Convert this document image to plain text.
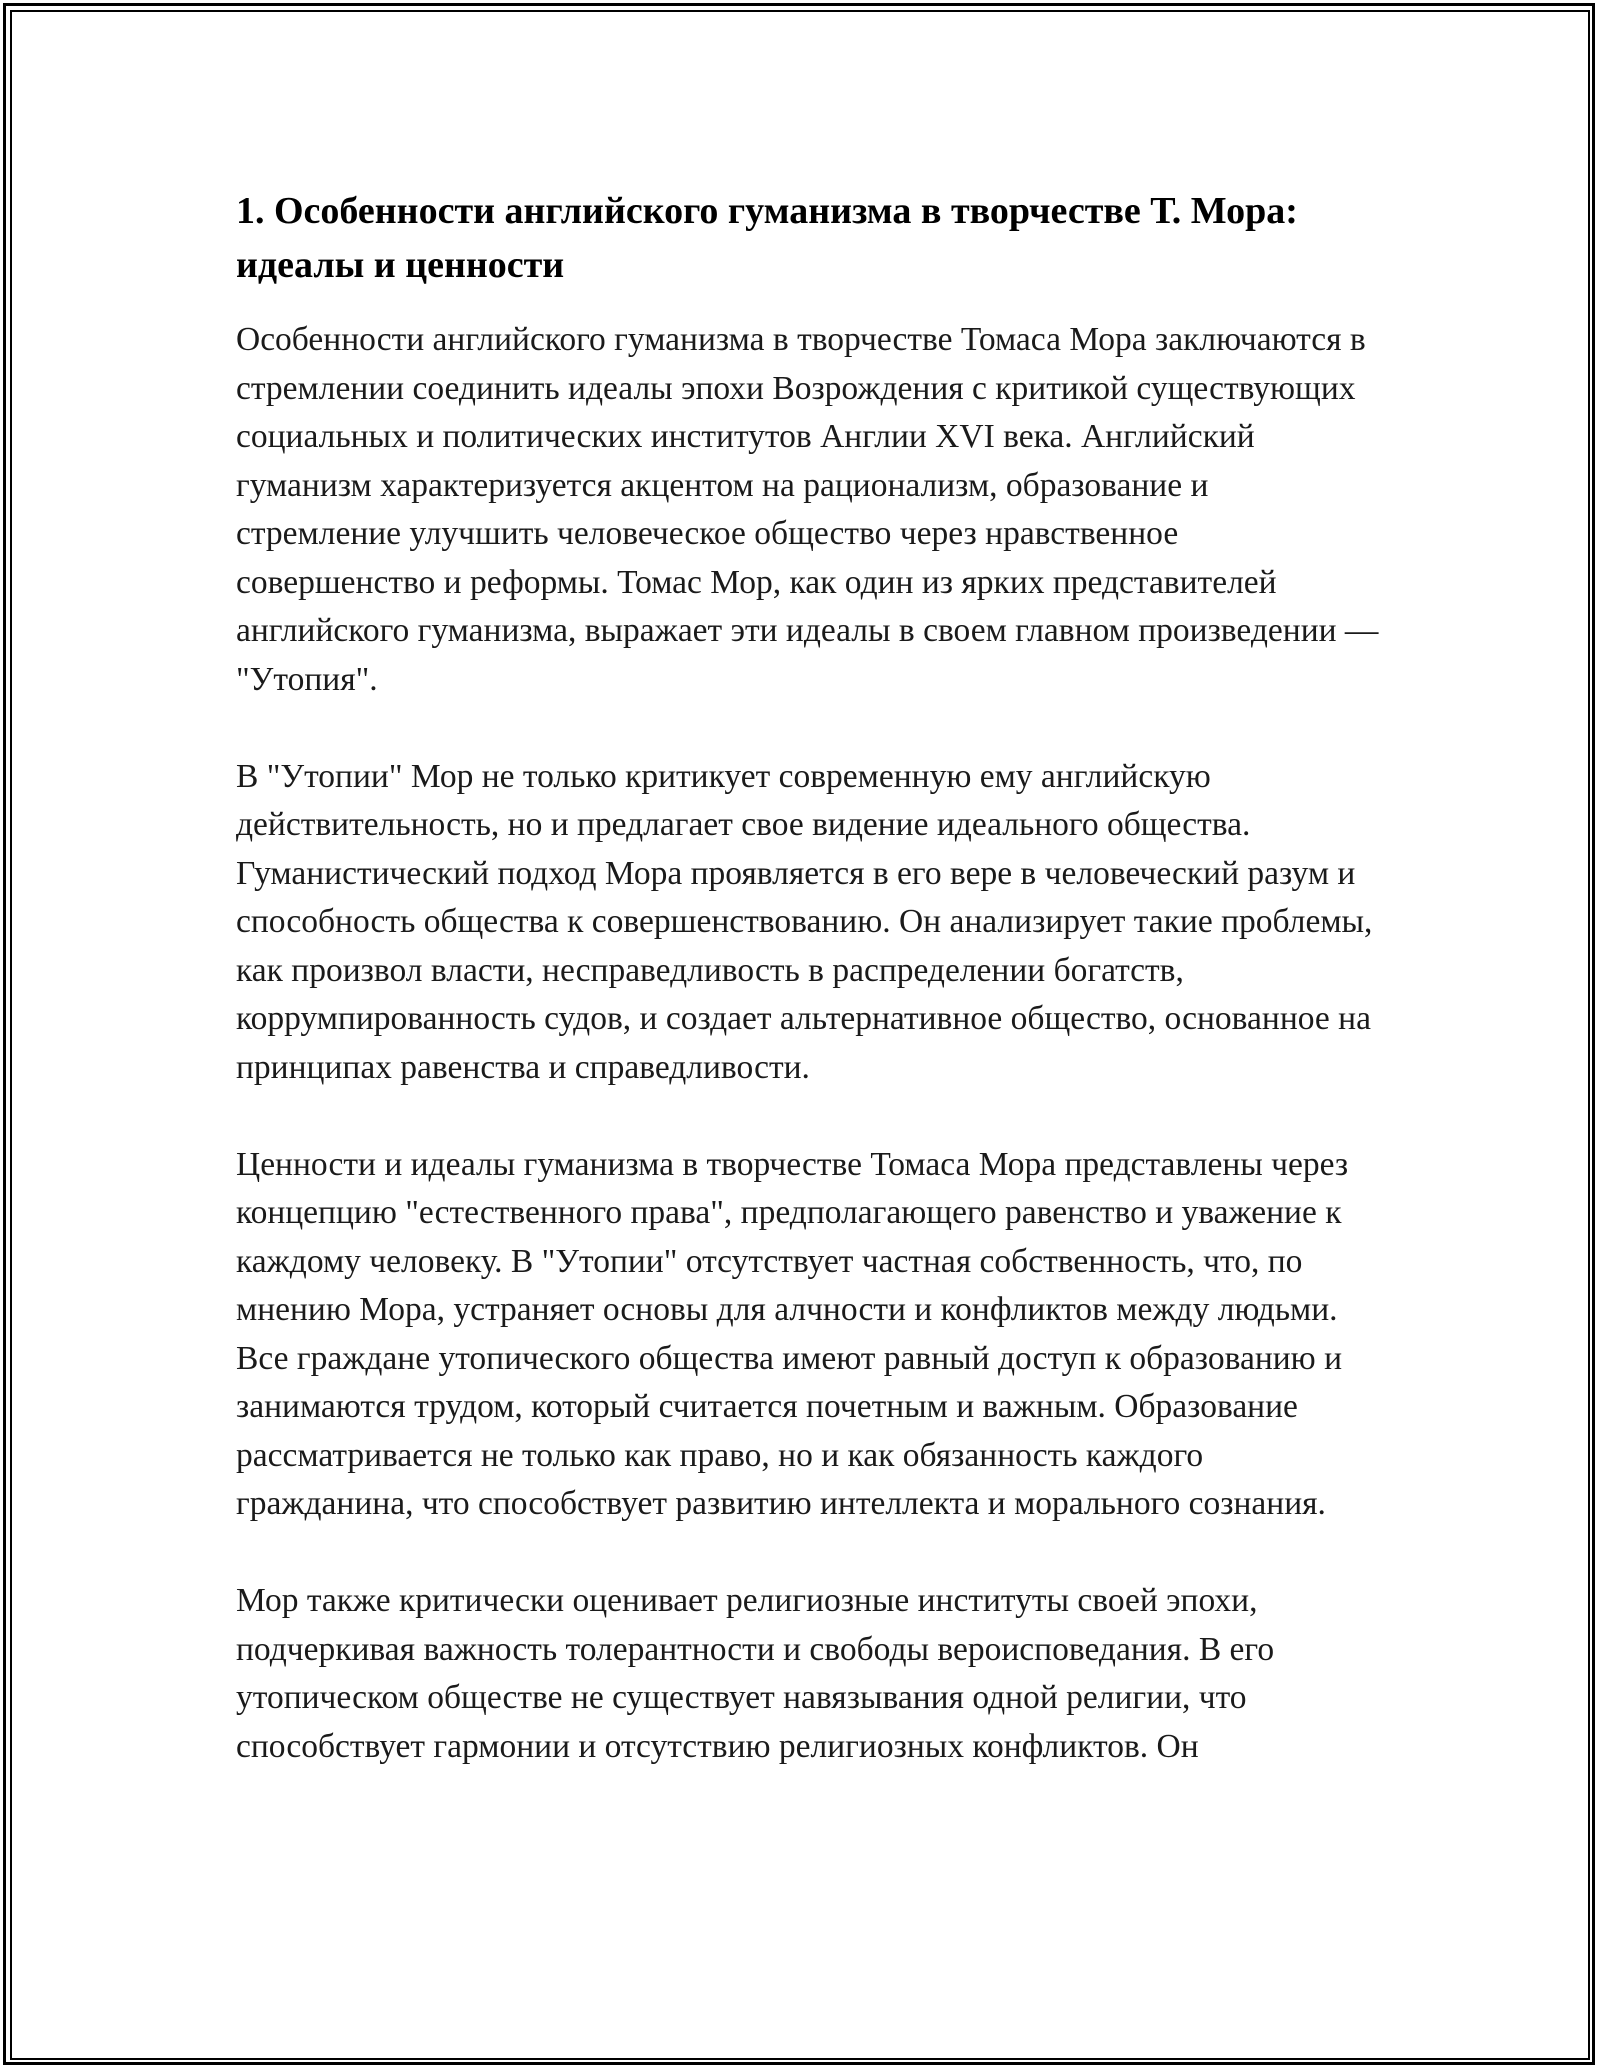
1. Особенности английского гуманизма в творчестве Т. Мора: идеалы и ценности

Особенности английского гуманизма в творчестве Томаса Мора заключаются в стремлении соединить идеалы эпохи Возрождения с критикой существующих социальных и политических институтов Англии XVI века. Английский гуманизм характеризуется акцентом на рационализм, образование и стремление улучшить человеческое общество через нравственное совершенство и реформы. Томас Мор, как один из ярких представителей английского гуманизма, выражает эти идеалы в своем главном произведении — "Утопия".

В "Утопии" Мор не только критикует современную ему английскую действительность, но и предлагает свое видение идеального общества. Гуманистический подход Мора проявляется в его вере в человеческий разум и способность общества к совершенствованию. Он анализирует такие проблемы, как произвол власти, несправедливость в распределении богатств, коррумпированность судов, и создает альтернативное общество, основанное на принципах равенства и справедливости.

Ценности и идеалы гуманизма в творчестве Томаса Мора представлены через концепцию "естественного права", предполагающего равенство и уважение к каждому человеку. В "Утопии" отсутствует частная собственность, что, по мнению Мора, устраняет основы для алчности и конфликтов между людьми. Все граждане утопического общества имеют равный доступ к образованию и занимаются трудом, который считается почетным и важным. Образование рассматривается не только как право, но и как обязанность каждого гражданина, что способствует развитию интеллекта и морального сознания.

Мор также критически оценивает религиозные институты своей эпохи, подчеркивая важность толерантности и свободы вероисповедания. В его утопическом обществе не существует навязывания одной религии, что способствует гармонии и отсутствию религиозных конфликтов. Он
